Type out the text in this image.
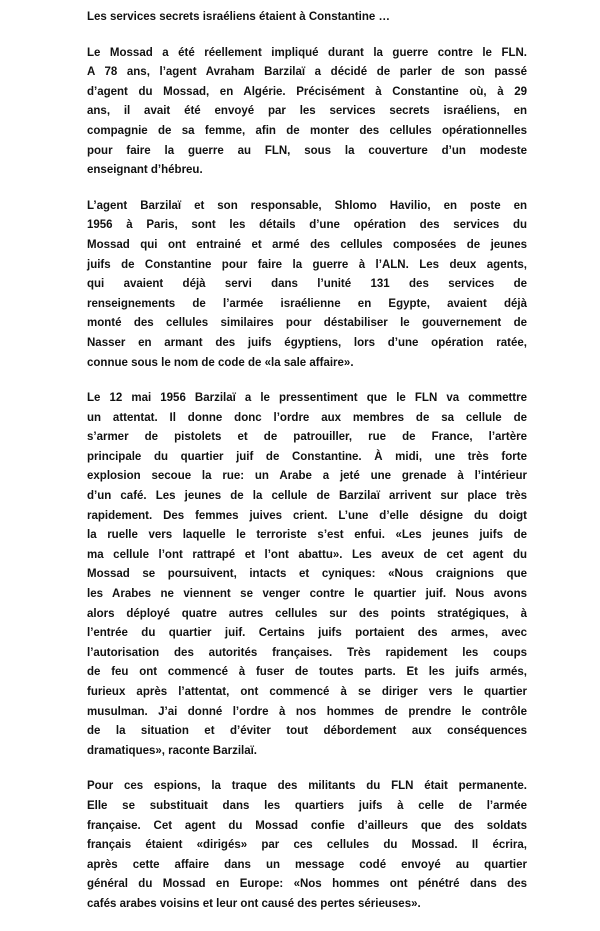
Les services secrets israéliens étaient à Constantine …
Le Mossad a été réellement impliqué durant la guerre contre le FLN.
A 78 ans, l’agent Avraham Barzilaï a décidé de parler de son passé
d’agent du Mossad, en Algérie. Précisément à Constantine où, à 29
ans, il avait été envoyé par les services secrets israéliens, en
compagnie de sa femme, afin de monter des cellules opérationnelles
pour faire la guerre au FLN, sous la couverture d’un modeste
enseignant d’hébreu.
L’agent Barzilaï et son responsable, Shlomo Havilio, en poste en
1956 à Paris, sont les détails d’une opération des services du
Mossad qui ont entrainé et armé des cellules composées de jeunes
juifs de Constantine pour faire la guerre à l’ALN. Les deux agents,
qui avaient déjà servi dans l’unité 131 des services de
renseignements de l’armée israélienne en Egypte, avaient déjà
monté des cellules similaires pour déstabiliser le gouvernement de
Nasser en armant des juifs égyptiens, lors d’une opération ratée,
connue sous le nom de code de «la sale affaire».
Le 12 mai 1956 Barzilaï a le pressentiment que le FLN va commettre
un attentat. Il donne donc l’ordre aux membres de sa cellule de
s’armer de pistolets et de patrouiller, rue de France, l’artère
principale du quartier juif de Constantine. À midi, une très forte
explosion secoue la rue: un Arabe a jeté une grenade à l’intérieur
d’un café. Les jeunes de la cellule de Barzilaï arrivent sur place très
rapidement. Des femmes juives crient. L’une d’elle désigne du doigt
la ruelle vers laquelle le terroriste s’est enfui. «Les jeunes juifs de
ma cellule l’ont rattrapé et l’ont abattu». Les aveux de cet agent du
Mossad se poursuivent, intacts et cyniques: «Nous craignions que
les Arabes ne viennent se venger contre le quartier juif. Nous avons
alors déployé quatre autres cellules sur des points stratégiques, à
l’entrée du quartier juif. Certains juifs portaient des armes, avec
l’autorisation des autorités françaises. Très rapidement les coups
de feu ont commencé à fuser de toutes parts. Et les juifs armés,
furieux après l’attentat, ont commencé à se diriger vers le quartier
musulman. J’ai donné l’ordre à nos hommes de prendre le contrôle
de la situation et d’éviter tout débordement aux conséquences
dramatiques», raconte Barzilaï.
Pour ces espions, la traque des militants du FLN était permanente.
Elle se substituait dans les quartiers juifs à celle de l’armée
française. Cet agent du Mossad confie d’ailleurs que des soldats
français étaient «dirigés» par ces cellules du Mossad. Il écrira,
après cette affaire dans un message codé envoyé au quartier
général du Mossad en Europe: «Nos hommes ont pénétré dans des
cafés arabes voisins et leur ont causé des pertes sérieuses».
